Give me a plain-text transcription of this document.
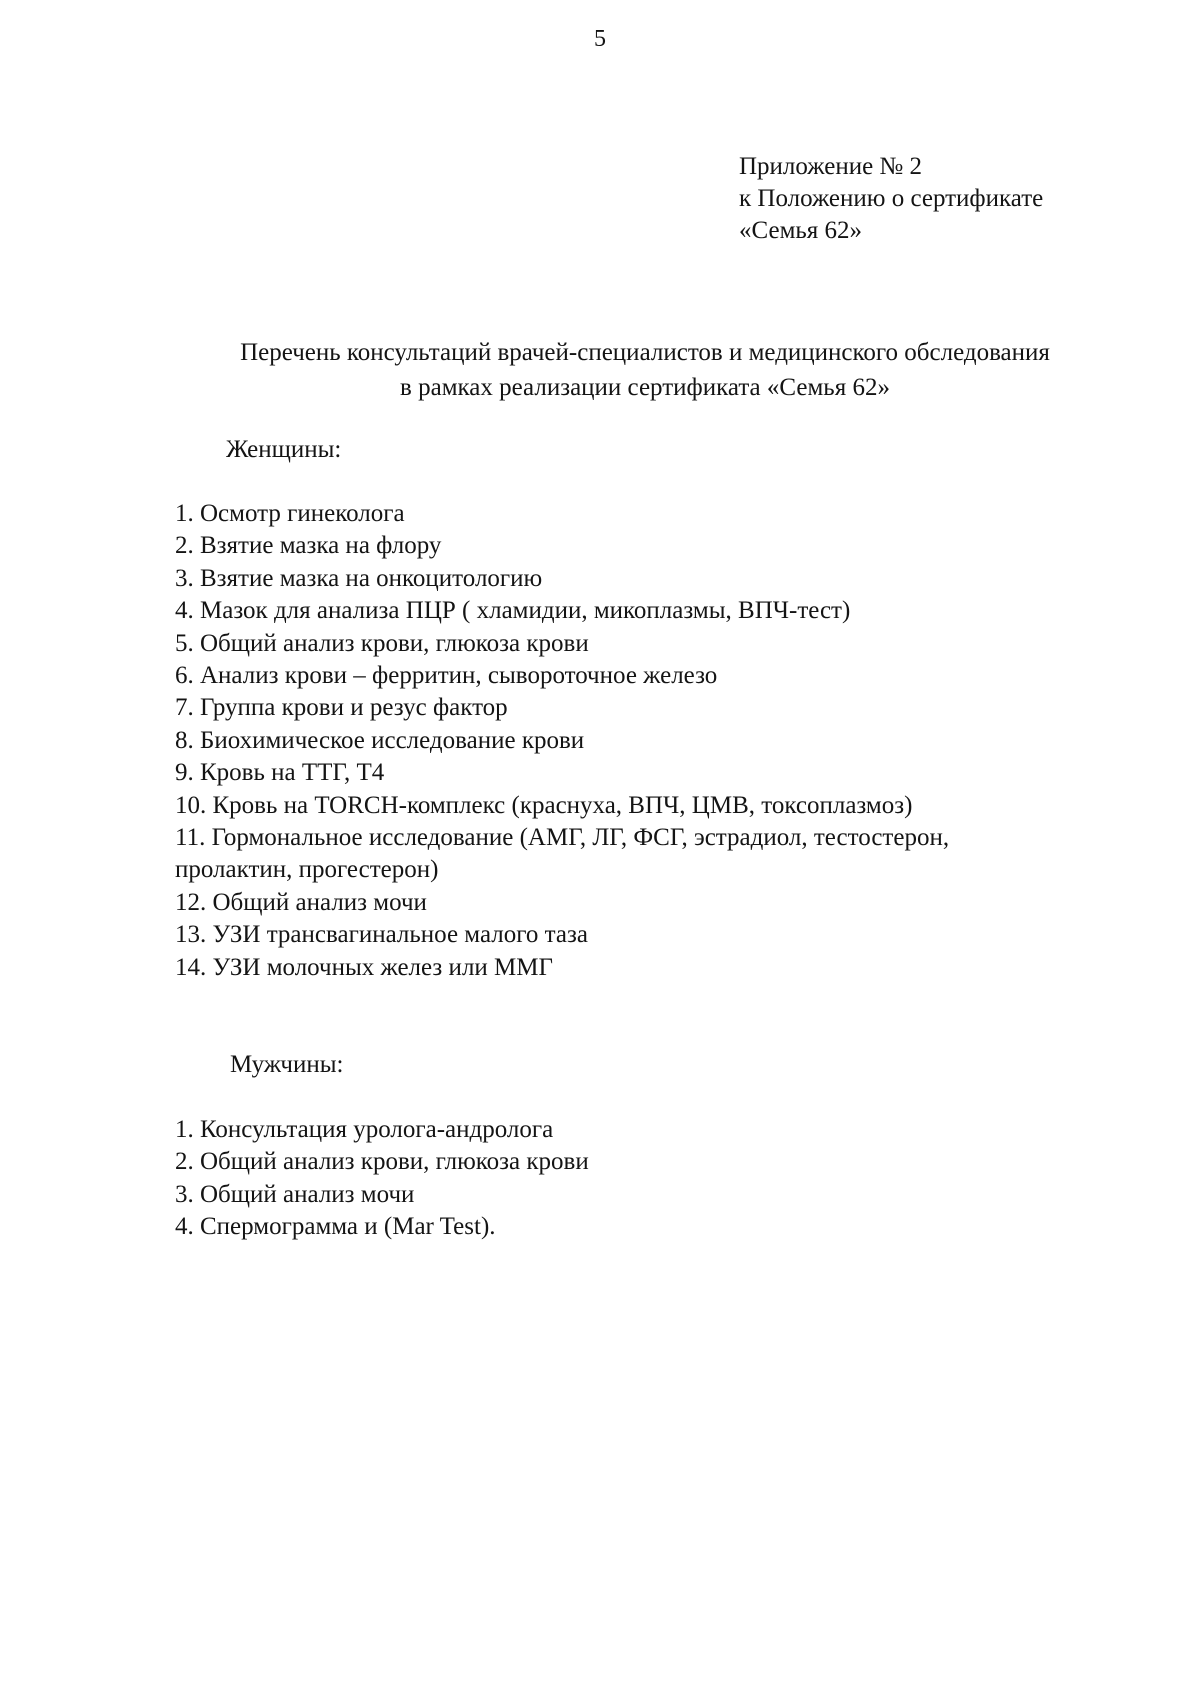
5
Приложение № 2
к Положению о сертификате
«Семья 62»
Перечень консультаций врачей-специалистов и медицинского обследования
в рамках реализации сертификата «Семья 62»
Женщины:
1. Осмотр гинеколога
2. Взятие мазка на флору
3. Взятие мазка на онкоцитологию
4. Мазок для анализа ПЦР ( хламидии, микоплазмы, ВПЧ-тест)
5. Общий анализ крови, глюкоза крови
6. Анализ крови – ферритин, сывороточное железо
7. Группа крови и резус фактор
8. Биохимическое исследование крови
9. Кровь на ТТГ, Т4
10. Кровь на TORCH-комплекс (краснуха, ВПЧ, ЦМВ, токсоплазмоз)
11. Гормональное исследование (АМГ, ЛГ, ФСГ, эстрадиол, тестостерон,
пролактин, прогестерон)
12. Общий анализ мочи
13. УЗИ трансвагинальное малого таза
14. УЗИ молочных желез или ММГ
Мужчины:
1. Консультация уролога-андролога
2. Общий анализ крови, глюкоза крови
3. Общий анализ мочи
4. Спермограмма и (Mar Test).
